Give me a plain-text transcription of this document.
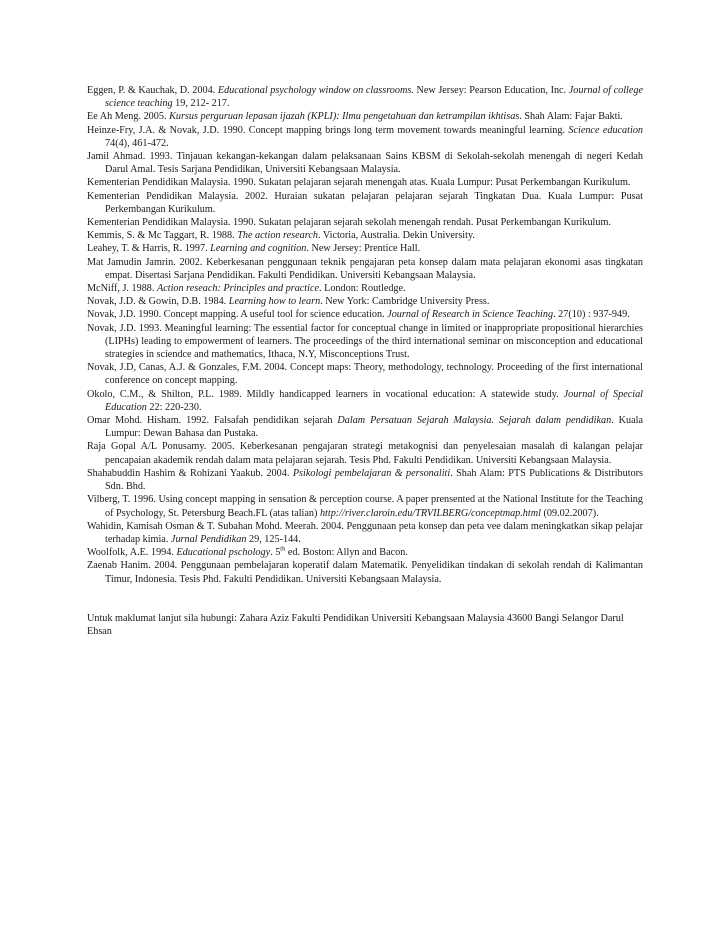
Eggen, P. & Kauchak, D. 2004. Educational psychology window on classrooms. New Jersey: Pearson Education, Inc. Journal of college science teaching 19, 212- 217.

Ee Ah Meng. 2005. Kursus perguruan lepasan ijazah (KPLI): Ilmu pengetahuan dan ketrampilan ikhtisas. Shah Alam: Fajar Bakti.

Heinze-Fry, J.A. & Novak, J.D. 1990. Concept mapping brings long term movement towards meaningful learning. Science education 74(4), 461-472.

Jamil Ahmad. 1993. Tinjauan kekangan-kekangan dalam pelaksanaan Sains KBSM di Sekolah-sekolah menengah di negeri Kedah Darul Amal. Tesis Sarjana Pendidikan, Universiti Kebangsaan Malaysia.

Kementerian Pendidikan Malaysia. 1990. Sukatan pelajaran sejarah menengah atas. Kuala Lumpur: Pusat Perkembangan Kurikulum.

Kementerian Pendidikan Malaysia. 2002. Huraian sukatan pelajaran pelajaran sejarah Tingkatan Dua. Kuala Lumpur: Pusat Perkembangan Kurikulum.

Kementerian Pendidikan Malaysia. 1990. Sukatan pelajaran sejarah sekolah menengah rendah. Pusat Perkembangan Kurikulum.

Kemmis, S. & Mc Taggart, R. 1988. The action research. Victoria, Australia. Dekin University.

Leahey, T. & Harris, R. 1997. Learning and cognition. New Jersey: Prentice Hall.

Mat Jamudin Jamrin. 2002. Keberkesanan penggunaan teknik pengajaran peta konsep dalam mata pelajaran ekonomi asas tingkatan empat. Disertasi Sarjana Pendidikan. Fakulti Pendidikan. Universiti Kebangsaan Malaysia.

McNiff, J. 1988. Action reseach: Principles and practice. London: Routledge.

Novak, J.D. & Gowin, D.B. 1984. Learning how to learn. New York: Cambridge University Press.

Novak, J.D. 1990. Concept mapping. A useful tool for science education. Journal of Research in Science Teaching. 27(10) : 937-949.

Novak, J.D. 1993. Meaningful learning: The essential factor for conceptual change in limited or inappropriate propositional hierarchies (LIPHs) leading to empowerment of learners. The proceedings of the third international seminar on misconception and educational strategies in sciendce and mathematics, Ithaca, N.Y, Misconceptions Trust.

Novak, J.D, Canas, A.J. & Gonzales, F.M. 2004. Concept maps: Theory, methodology, technology. Proceeding of the first international conference on concept mapping.

Okolo, C.M., & Shilton, P.L. 1989. Mildly handicapped learners in vocational education: A statewide study. Journal of Special Education 22: 220-230.

Omar Mohd. Hisham. 1992. Falsafah pendidikan sejarah Dalam Persatuan Sejarah Malaysia. Sejarah dalam pendidikan. Kuala Lumpur: Dewan Bahasa dan Pustaka.

Raja Gopal A/L Ponusamy. 2005. Keberkesanan pengajaran strategi metakognisi dan penyelesaian masalah di kalangan pelajar pencapaian akademik rendah dalam mata pelajaran sejarah. Tesis Phd. Fakulti Pendidikan. Universiti Kebangsaan Malaysia.

Shahabuddin Hashim & Rohizani Yaakub. 2004. Psikologi pembelajaran & personaliti. Shah Alam: PTS Publications & Distributors Sdn. Bhd.

Vilberg, T. 1996. Using concept mapping in sensation & perception course. A paper prensented at the National Institute for the Teaching of Psychology, St. Petersburg Beach.FL (atas talian) http://river.claroin.edu/TRVILBERG/conceptmap.html (09.02.2007).

Wahidin, Kamisah Osman & T. Subahan Mohd. Meerah. 2004. Penggunaan peta konsep dan peta vee dalam meningkatkan sikap pelajar terhadap kimia. Jurnal Pendidikan 29, 125-144.

Woolfolk, A.E. 1994. Educational pschology. 5th ed. Boston: Allyn and Bacon.

Zaenab Hanim. 2004. Penggunaan pembelajaran koperatif dalam Matematik. Penyelidikan tindakan di sekolah rendah di Kalimantan Timur, Indonesia. Tesis Phd. Fakulti Pendidikan. Universiti Kebangsaan Malaysia.

Untuk maklumat lanjut sila hubungi: Zahara Aziz Fakulti Pendidikan Universiti Kebangsaan Malaysia 43600 Bangi Selangor Darul Ehsan
